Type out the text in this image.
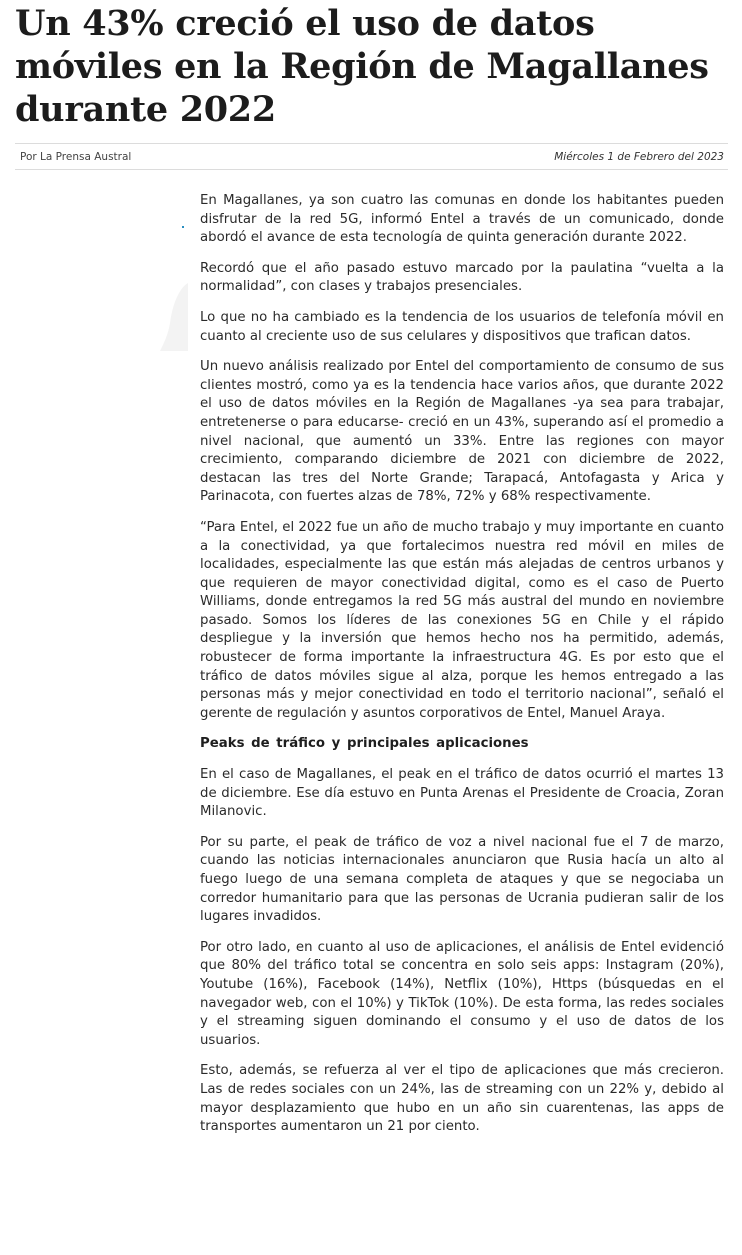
Un 43% creció el uso de datos móviles en la Región de Magallanes durante 2022
Por La Prensa Austral	Miércoles 1 de Febrero del 2023

En Magallanes, ya son cuatro las comunas en donde los habitantes pueden disfrutar de la red 5G, informó Entel a través de un comunicado, donde abordó el avance de esta tecnología de quinta generación durante 2022.

Recordó que el año pasado estuvo marcado por la paulatina “vuelta a la normalidad”, con clases y trabajos presenciales.

Lo que no ha cambiado es la tendencia de los usuarios de telefonía móvil en cuanto al creciente uso de sus celulares y dispositivos que trafican datos.

Un nuevo análisis realizado por Entel del comportamiento de consumo de sus clientes mostró, como ya es la tendencia hace varios años, que durante 2022 el uso de datos móviles en la Región de Magallanes -ya sea para trabajar, entretenerse o para educarse- creció en un 43%, superando así el promedio a nivel nacional, que aumentó un 33%. Entre las regiones con mayor crecimiento, comparando diciembre de 2021 con diciembre de 2022, destacan las tres del Norte Grande; Tarapacá, Antofagasta y Arica y Parinacota, con fuertes alzas de 78%, 72% y 68% respectivamente.

“Para Entel, el 2022 fue un año de mucho trabajo y muy importante en cuanto a la conectividad, ya que fortalecimos nuestra red móvil en miles de localidades, especialmente las que están más alejadas de centros urbanos y que requieren de mayor conectividad digital, como es el caso de Puerto Williams, donde entregamos la red 5G más austral del mundo en noviembre pasado. Somos los líderes de las conexiones 5G en Chile y el rápido despliegue y la inversión que hemos hecho nos ha permitido, además, robustecer de forma importante la infraestructura 4G. Es por esto que el tráfico de datos móviles sigue al alza, porque les hemos entregado a las personas más y mejor conectividad en todo el territorio nacional”, señaló el gerente de regulación y asuntos corporativos de Entel, Manuel Araya.

Peaks de tráfico y principales aplicaciones

En el caso de Magallanes, el peak en el tráfico de datos ocurrió el martes 13 de diciembre. Ese día estuvo en Punta Arenas el Presidente de Croacia, Zoran Milanovic.

Por su parte, el peak de tráfico de voz a nivel nacional fue el 7 de marzo, cuando las noticias internacionales anunciaron que Rusia hacía un alto al fuego luego de una semana completa de ataques y que se negociaba un corredor humanitario para que las personas de Ucrania pudieran salir de los lugares invadidos.

Por otro lado, en cuanto al uso de aplicaciones, el análisis de Entel evidenció que 80% del tráfico total se concentra en solo seis apps: Instagram (20%), Youtube (16%), Facebook (14%), Netflix (10%), Https (búsquedas en el navegador web, con el 10%) y TikTok (10%). De esta forma, las redes sociales y el streaming siguen dominando el consumo y el uso de datos de los usuarios.

Esto, además, se refuerza al ver el tipo de aplicaciones que más crecieron. Las de redes sociales con un 24%, las de streaming con un 22% y, debido al mayor desplazamiento que hubo en un año sin cuarentenas, las apps de transportes aumentaron un 21 por ciento.
